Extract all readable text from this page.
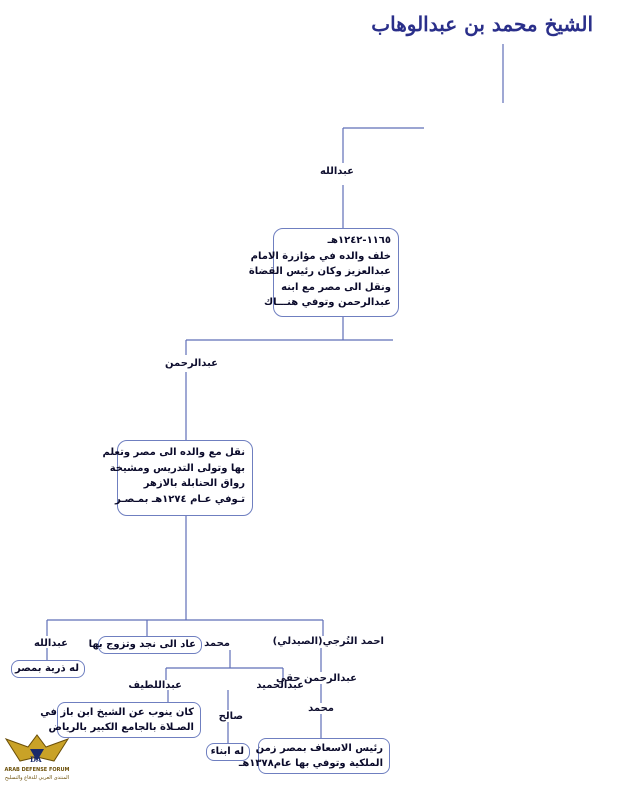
الشيخ محمد بن عبدالوهاب
عبدالله
١١٦٥-١٢٤٢هـ
خلف والده في مؤازرة الامام
عبدالعزيز وكان رئيس القضاة
ونقل الى مصر مع ابنه
عبدالرحمن وتوفي هنـــاك
عبدالرحمن
نقل مع والده الى مصر وتعلم
بها وتولى التدريس ومشيخة
رواق الحنابلة بالازهر
تـوفي عـام ١٢٧٤هـ بمـصـر
عبدالله
له ذرية بمصر
محمد
عاد الى نجد وتزوج بها
عبداللطيف
كان ينوب عن الشيخ ابن باز في
الصـلاة بالجامع الكبير بالرياض
عبدالحميد
صالح
له ابناء
احمد التُرجي(الصيدلي)
عبدالرحمن حقي
محمد
رئيس الاسعاف بمصر زمن
الملكية وتوفي بها عام١٣٧٨هـ
DA
ARAB DEFENSE FORUM
المنتدى العربي للدفاع والتسليح
